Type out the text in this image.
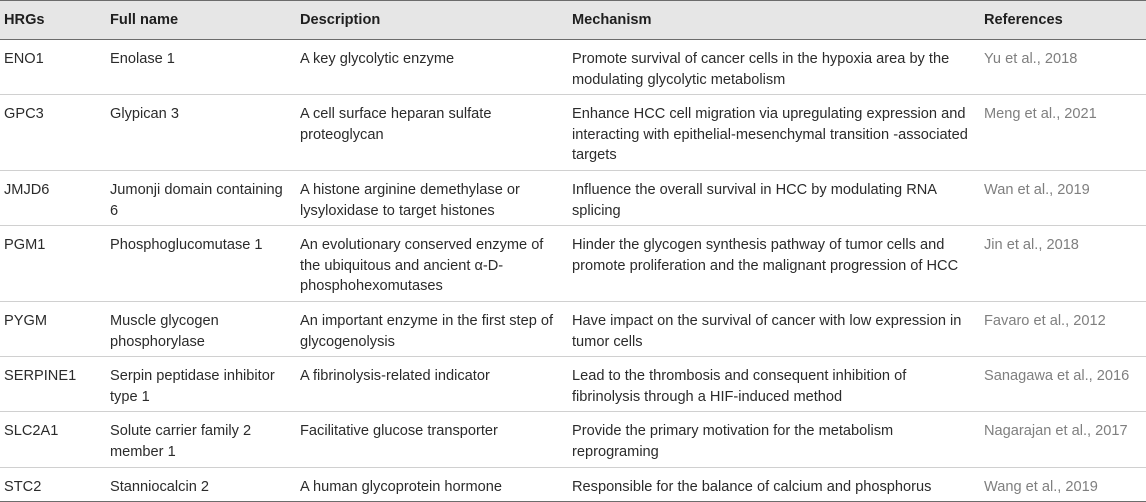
HRGs	Full name	Description	Mechanism	References
ENO1	Enolase 1	A key glycolytic enzyme	Promote survival of cancer cells in the hypoxia area by the modulating glycolytic metabolism	Yu et al., 2018
GPC3	Glypican 3	A cell surface heparan sulfate proteoglycan	Enhance HCC cell migration via upregulating expression and interacting with epithelial-mesenchymal transition -associated targets	Meng et al., 2021
JMJD6	Jumonji domain containing 6	A histone arginine demethylase or lysyloxidase to target histones	Influence the overall survival in HCC by modulating RNA splicing	Wan et al., 2019
PGM1	Phosphoglucomutase 1	An evolutionary conserved enzyme of the ubiquitous and ancient α-D-phosphohexomutases	Hinder the glycogen synthesis pathway of tumor cells and promote proliferation and the malignant progression of HCC	Jin et al., 2018
PYGM	Muscle glycogen phosphorylase	An important enzyme in the first step of glycogenolysis	Have impact on the survival of cancer with low expression in tumor cells	Favaro et al., 2012
SERPINE1	Serpin peptidase inhibitor type 1	A fibrinolysis-related indicator	Lead to the thrombosis and consequent inhibition of fibrinolysis through a HIF-induced method	Sanagawa et al., 2016
SLC2A1	Solute carrier family 2 member 1	Facilitative glucose transporter	Provide the primary motivation for the metabolism reprograming	Nagarajan et al., 2017
STC2	Stanniocalcin 2	A human glycoprotein hormone	Responsible for the balance of calcium and phosphorus	Wang et al., 2019
